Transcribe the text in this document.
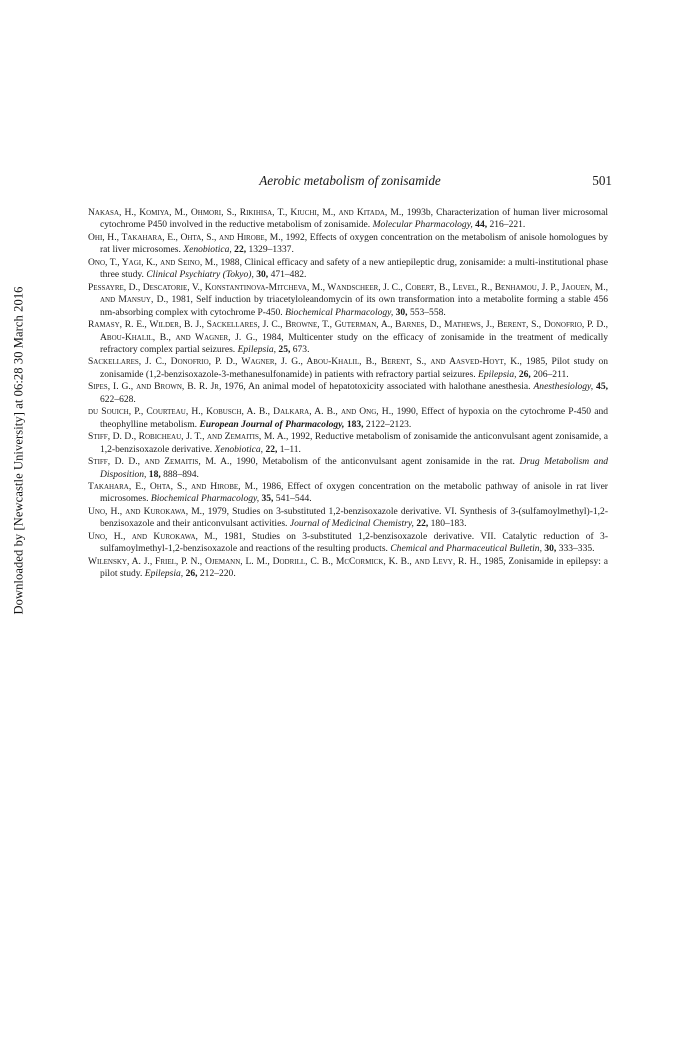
Downloaded by [Newcastle University] at 06:28 30 March 2016
Aerobic metabolism of zonisamide	501

Nakasa, H., Komiya, M., Ohmori, S., Rikihisa, T., Kiuchi, M., and Kitada, M., 1993b, Characterization of human liver microsomal cytochrome P450 involved in the reductive metabolism of zonisamide. Molecular Pharmacology, 44, 216–221.

Ohi, H., Takahara, E., Ohta, S., and Hirobe, M., 1992, Effects of oxygen concentration on the metabolism of anisole homologues by rat liver microsomes. Xenobiotica, 22, 1329–1337.

Ono, T., Yagi, K., and Seino, M., 1988, Clinical efficacy and safety of a new antiepileptic drug, zonisamide: a multi-institutional phase three study. Clinical Psychiatry (Tokyo), 30, 471–482.

Pessayre, D., Descatorie, V., Konstantinova-Mitcheva, M., Wandscheer, J. C., Cobert, B., Level, R., Benhamou, J. P., Jaouen, M., and Mansuy, D., 1981, Self induction by triacetyloleandomycin of its own transformation into a metabolite forming a stable 456 nm-absorbing complex with cytochrome P-450. Biochemical Pharmacology, 30, 553–558.

Ramasy, R. E., Wilder, B. J., Sackellares, J. C., Browne, T., Guterman, A., Barnes, D., Mathews, J., Berent, S., Donofrio, P. D., Abou-Khalil, B., and Wagner, J. G., 1984, Multicenter study on the efficacy of zonisamide in the treatment of medically refractory complex partial seizures. Epilepsia, 25, 673.

Sackellares, J. C., Donofrio, P. D., Wagner, J. G., Abou-Khalil, B., Berent, S., and Aasved-Hoyt, K., 1985, Pilot study on zonisamide (1,2-benzisoxazole-3-methanesulfonamide) in patients with refractory partial seizures. Epilepsia, 26, 206–211.

Sipes, I. G., and Brown, B. R. Jr, 1976, An animal model of hepatotoxicity associated with halothane anesthesia. Anesthesiology, 45, 622–628.

du Souich, P., Courteau, H., Kobusch, A. B., Dalkara, A. B., and Ong, H., 1990, Effect of hypoxia on the cytochrome P-450 and theophylline metabolism. European Journal of Pharmacology, 183, 2122–2123.

Stiff, D. D., Robicheau, J. T., and Zemaitis, M. A., 1992, Reductive metabolism of zonisamide the anticonvulsant agent zonisamide, a 1,2-benzisoxazole derivative. Xenobiotica, 22, 1–11.

Stiff, D. D., and Zemaitis, M. A., 1990, Metabolism of the anticonvulsant agent zonisamide in the rat. Drug Metabolism and Disposition, 18, 888–894.

Takahara, E., Ohta, S., and Hirobe, M., 1986, Effect of oxygen concentration on the metabolic pathway of anisole in rat liver microsomes. Biochemical Pharmacology, 35, 541–544.

Uno, H., and Kurokawa, M., 1979, Studies on 3-substituted 1,2-benzisoxazole derivative. VI. Synthesis of 3-(sulfamoylmethyl)-1,2-benzisoxazole and their anticonvulsant activities. Journal of Medicinal Chemistry, 22, 180–183.

Uno, H., and Kurokawa, M., 1981, Studies on 3-substituted 1,2-benzisoxazole derivative. VII. Catalytic reduction of 3-sulfamoylmethyl-1,2-benzisoxazole and reactions of the resulting products. Chemical and Pharmaceutical Bulletin, 30, 333–335.

Wilensky, A. J., Friel, P. N., Ojemann, L. M., Dodrill, C. B., McCormick, K. B., and Levy, R. H., 1985, Zonisamide in epilepsy: a pilot study. Epilepsia, 26, 212–220.
